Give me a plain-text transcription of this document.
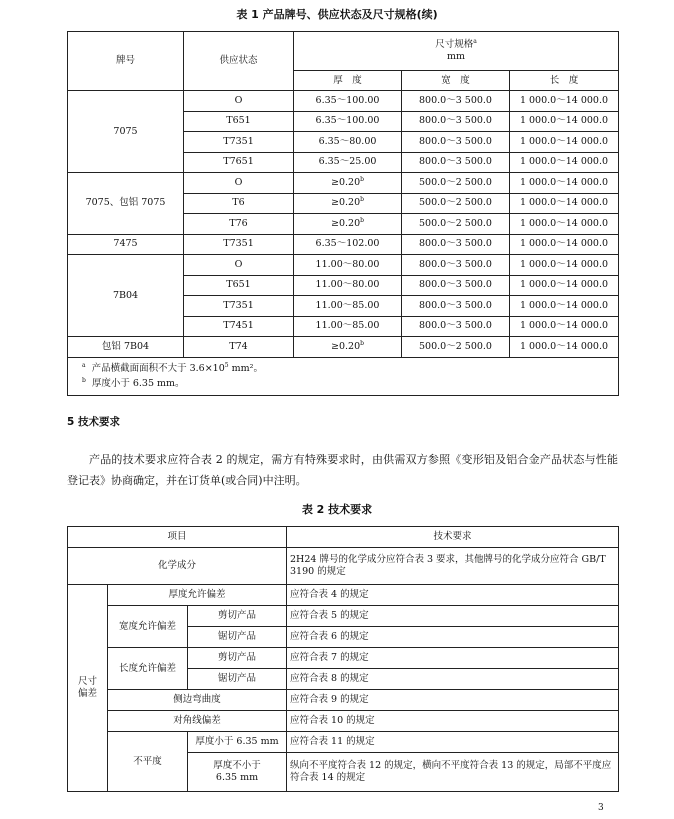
表 1 产品牌号、供应状态及尺寸规格(续)
牌号	供应状态	尺寸规格$^a$
mm		
		厚　度	宽　度	长　度
7075	O	6.35～100.00	800.0～3 500.0	1 000.0～14 000.0
	T651	6.35～100.00	800.0～3 500.0	1 000.0～14 000.0
	T7351	6.35～80.00	800.0～3 500.0	1 000.0～14 000.0
	T7651	6.35～25.00	800.0～3 500.0	1 000.0～14 000.0
7075、包铝 7075	O	≥0.20$^b$	500.0～2 500.0	1 000.0～14 000.0
	T6	≥0.20$^b$	500.0～2 500.0	1 000.0～14 000.0
	T76	≥0.20$^b$	500.0～2 500.0	1 000.0～14 000.0
7475	T7351	6.35～102.00	800.0～3 500.0	1 000.0～14 000.0
7B04	O	11.00～80.00	800.0～3 500.0	1 000.0～14 000.0
	T651	11.00～80.00	800.0～3 500.0	1 000.0～14 000.0
	T7351	11.00～85.00	800.0～3 500.0	1 000.0～14 000.0
	T7451	11.00～85.00	800.0～3 500.0	1 000.0～14 000.0
包铝 7B04	T74	≥0.20$^b$	500.0～2 500.0	1 000.0～14 000.0

$^a$ 产品横截面面积不大于 $3.6\times 10^5$ mm²。
$^b$ 厚度小于 6.35 mm。				
5 技术要求

产品的技术要求应符合表 2 的规定，需方有特殊要求时，由供需双方参照《变形铝及铝合金产品状态与性能登记表》协商确定，并在订货单(或合同)中注明。

表 2 技术要求
项目			技术要求
化学成分			2H24 牌号的化学成分应符合表 3 要求，其他牌号的化学成分应符合 GB/T 3190 的规定
尺寸偏差	厚度允许偏差		应符合表 4 的规定
	宽度允许偏差	剪切产品	应符合表 5 的规定
		锯切产品	应符合表 6 的规定
	长度允许偏差	剪切产品	应符合表 7 的规定
		锯切产品	应符合表 8 的规定
	侧边弯曲度		应符合表 9 的规定
	对角线偏差		应符合表 10 的规定
	不平度	厚度小于 6.35 mm	应符合表 11 的规定
		厚度不小于 6.35 mm	纵向不平度符合表 12 的规定，横向不平度符合表 13 的规定，局部不平度应符合表 14 的规定
3
